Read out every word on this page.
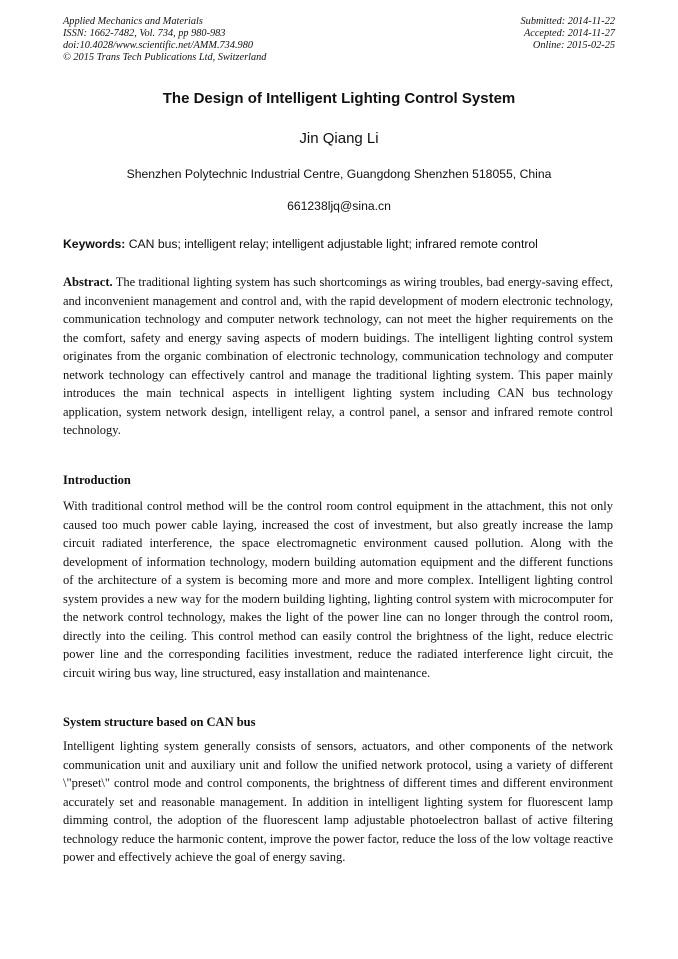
Applied Mechanics and Materials
ISSN: 1662-7482, Vol. 734, pp 980-983
doi:10.4028/www.scientific.net/AMM.734.980
© 2015 Trans Tech Publications Ltd, Switzerland
Submitted: 2014-11-22
Accepted: 2014-11-27
Online: 2015-02-25
The Design of Intelligent Lighting Control System
Jin Qiang Li
Shenzhen Polytechnic Industrial Centre, Guangdong Shenzhen 518055, China
661238ljq@sina.cn
Keywords: CAN bus; intelligent relay; intelligent adjustable light; infrared remote control
Abstract. The traditional lighting system has such shortcomings as wiring troubles, bad energy-saving effect, and inconvenient management and control and, with the rapid development of modern electronic technology, communication technology and computer network technology, can not meet the higher requirements on the the comfort, safety and energy saving aspects of modern buidings. The intelligent lighting control system originates from the organic combination of electronic technology, communication technology and computer network technology can effectively cantrol and manage the traditional lighting system. This paper mainly introduces the main technical aspects in intelligent lighting system including CAN bus technology application, system network design, intelligent relay, a control panel, a sensor and infrared remote control technology.
Introduction
With traditional control method will be the control room control equipment in the attachment, this not only caused too much power cable laying, increased the cost of investment, but also greatly increase the lamp circuit radiated interference, the space electromagnetic environment caused pollution. Along with the development of information technology, modern building automation equipment and the different functions of the architecture of a system is becoming more and more and more complex. Intelligent lighting control system provides a new way for the modern building lighting, lighting control system with microcomputer for the network control technology, makes the light of the power line can no longer through the control room, directly into the ceiling. This control method can easily control the brightness of the light, reduce electric power line and the corresponding facilities investment, reduce the radiated interference light circuit, the circuit wiring bus way, line structured, easy installation and maintenance.
System structure based on CAN bus
Intelligent lighting system generally consists of sensors, actuators, and other components of the network communication unit and auxiliary unit and follow the unified network protocol, using a variety of different \"preset\" control mode and control components, the brightness of different times and different environment accurately set and reasonable management. In addition in intelligent lighting system for fluorescent lamp dimming control, the adoption of the fluorescent lamp adjustable photoelectron ballast of active filtering technology reduce the harmonic content, improve the power factor, reduce the loss of the low voltage reactive power and effectively achieve the goal of energy saving.
